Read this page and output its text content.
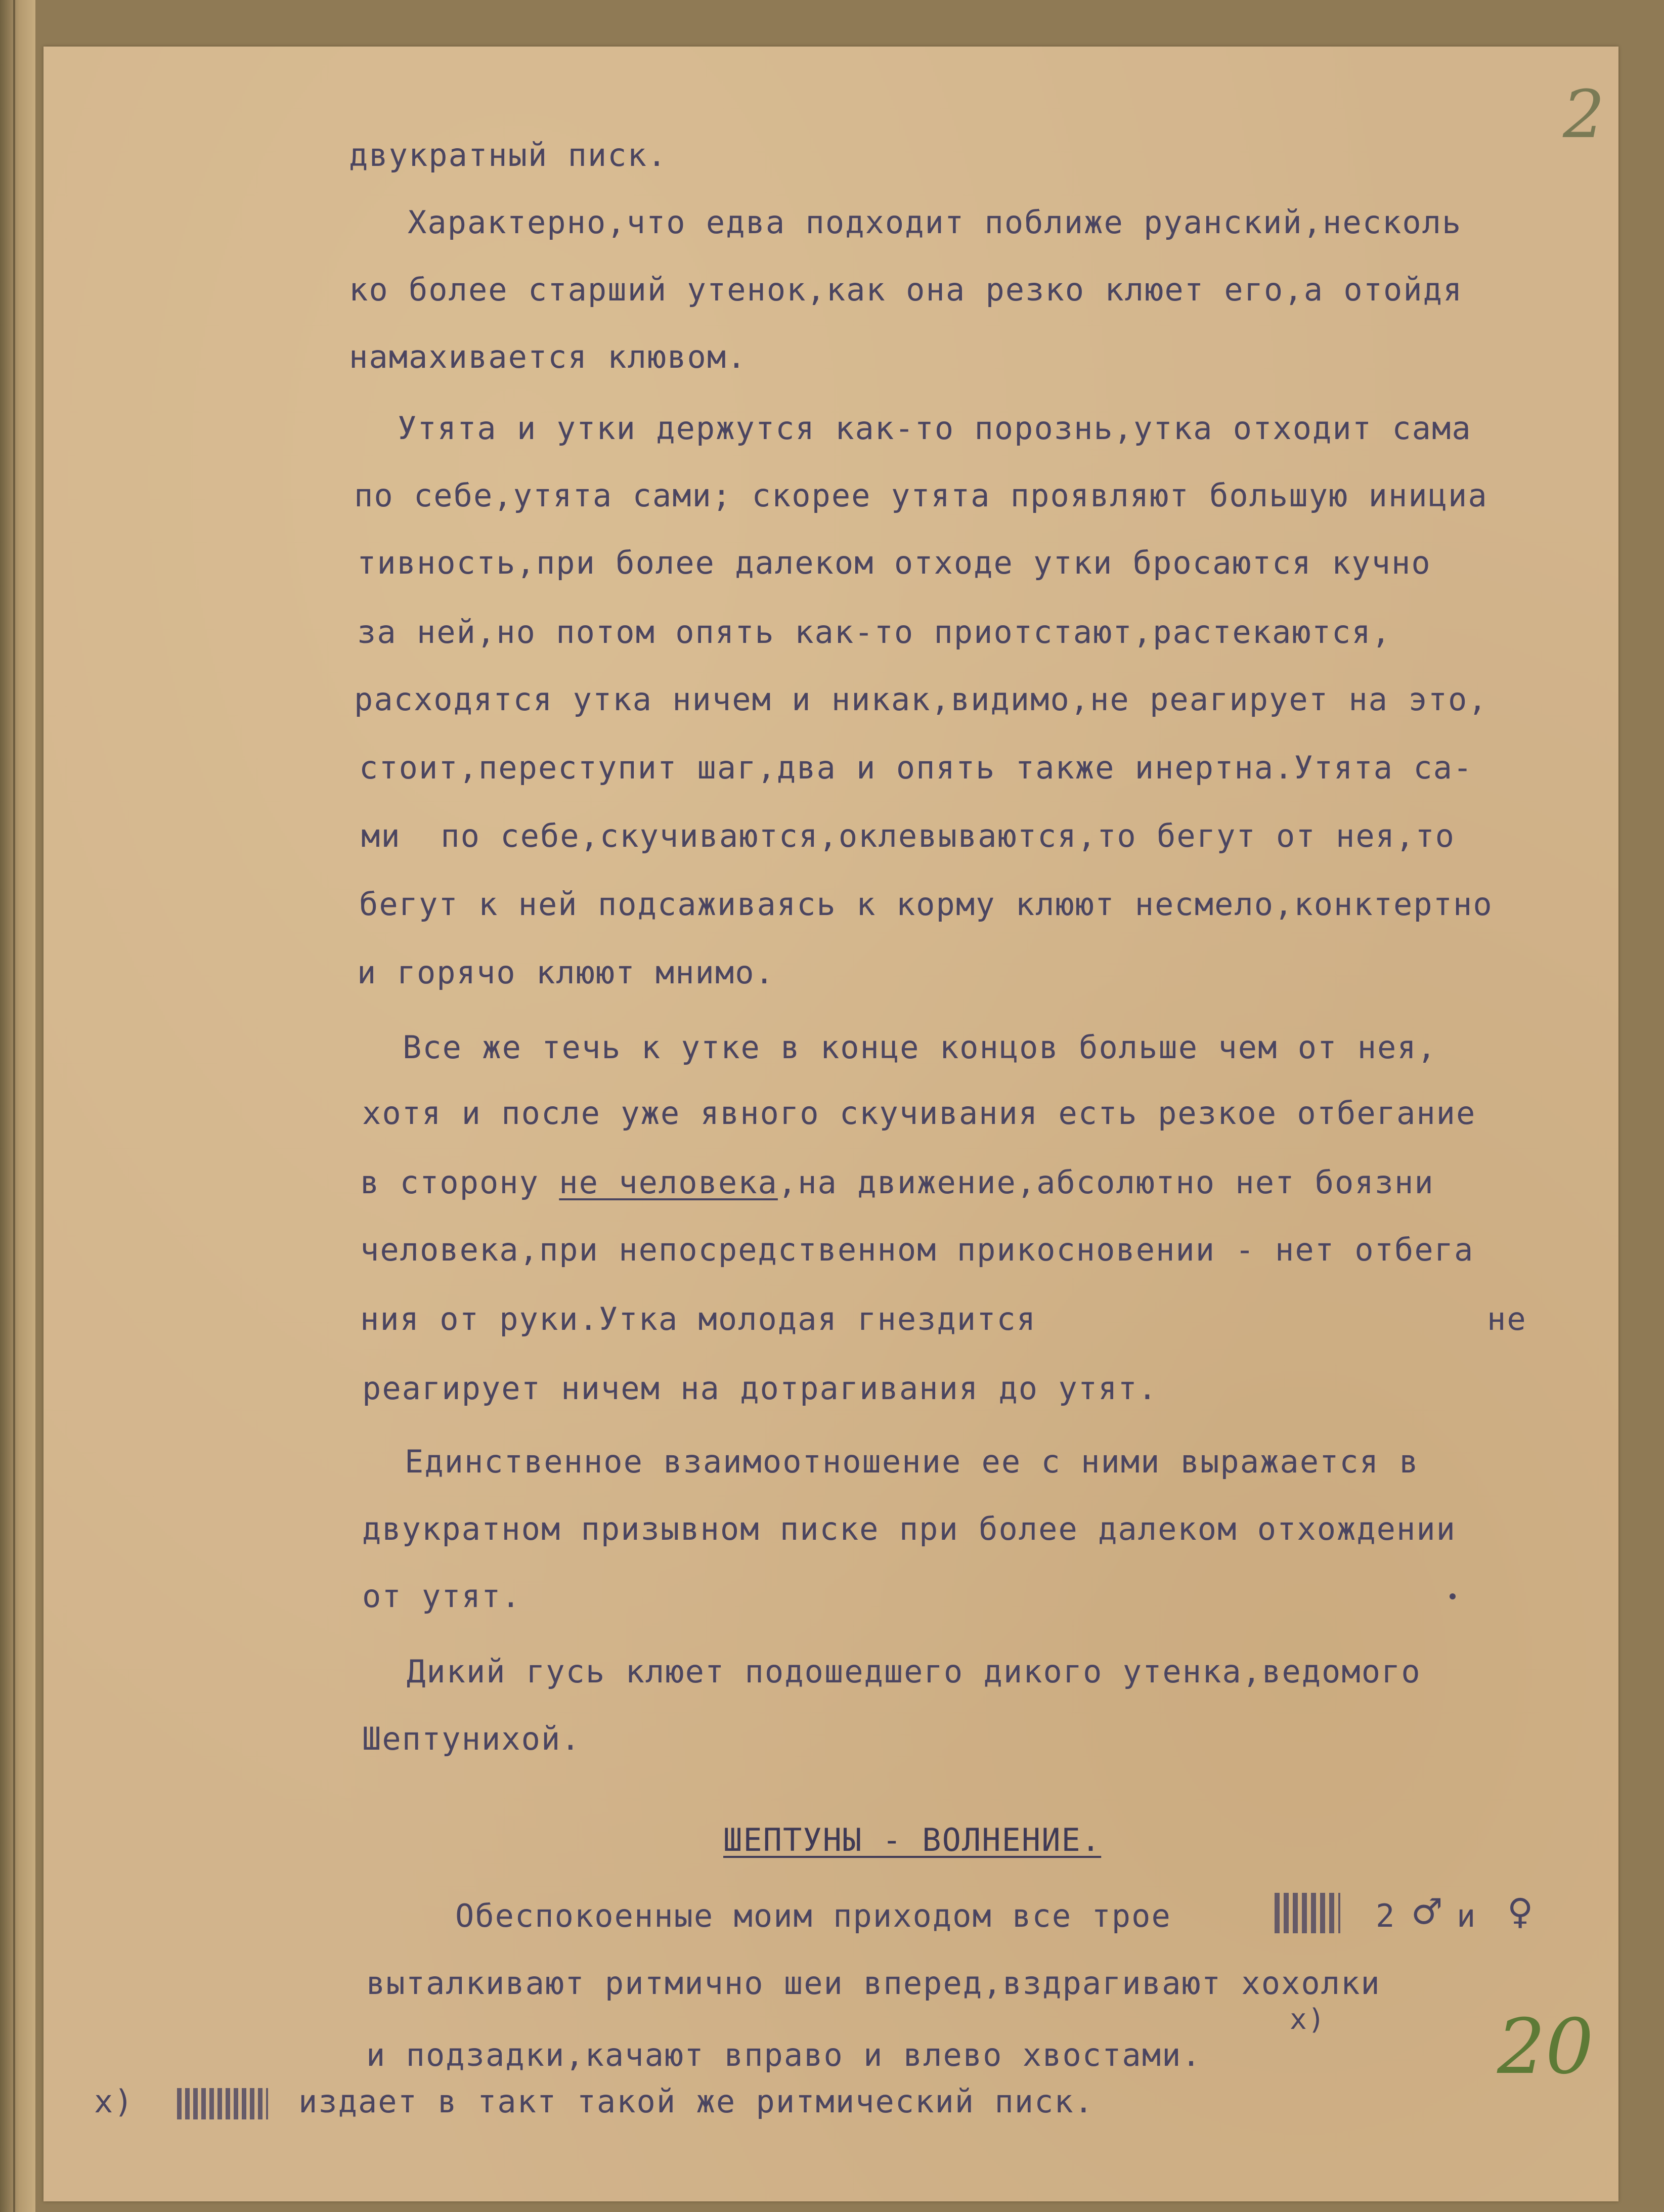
2

двукратный писк.

Характерно,что едва подходит поближе руанский,несколь

ко более старший утенок,как она резко клюет его,а отойдя

намахивается клювом.

Утята и утки держутся как-то порознь,утка отходит сама

по себе,утята сами; скорее утята проявляют большую инициа

тивность,при более далеком отходе утки бросаются кучно

за ней,но потом опять как-то приотстают,растекаются,

расходятся утка ничем и никак,видимо,не реагирует на это,

стоит,переступит шаг,два и опять также инертна.Утята са-

ми  по себе,скучиваются,оклевываются,то бегут от нея,то

бегут к ней подсаживаясь к корму клюют несмело,конктертно

и горячо клюют мнимо.

Все же течь к утке в конце концов больше чем от нея,

хотя и после уже явного скучивания есть резкое отбегание

в сторону не человека,на движение,абсолютно нет боязни

человека,при непосредственном прикосновении - нет отбега

ния от руки.Утка молодая гнездится	не

реагирует ничем на дотрагивания до утят.

Единственное взаимоотношение ее с ними выражается в

двукратном призывном писке при более далеком отхождении

от утят.

Дикий гусь клюет подошедшего дикого утенка,ведомого

Шептунихой.

ШЕПТУНЫ - ВОЛНЕНИЕ.

Обеспокоенные моим приходом все трое	2 ♂ и ♀

выталкивают ритмично шеи вперед,вздрагивают хохолки

x)

и подзадки,качают вправо и влево хвостами.

x)	издает в такт такой же ритмический писк.

20
